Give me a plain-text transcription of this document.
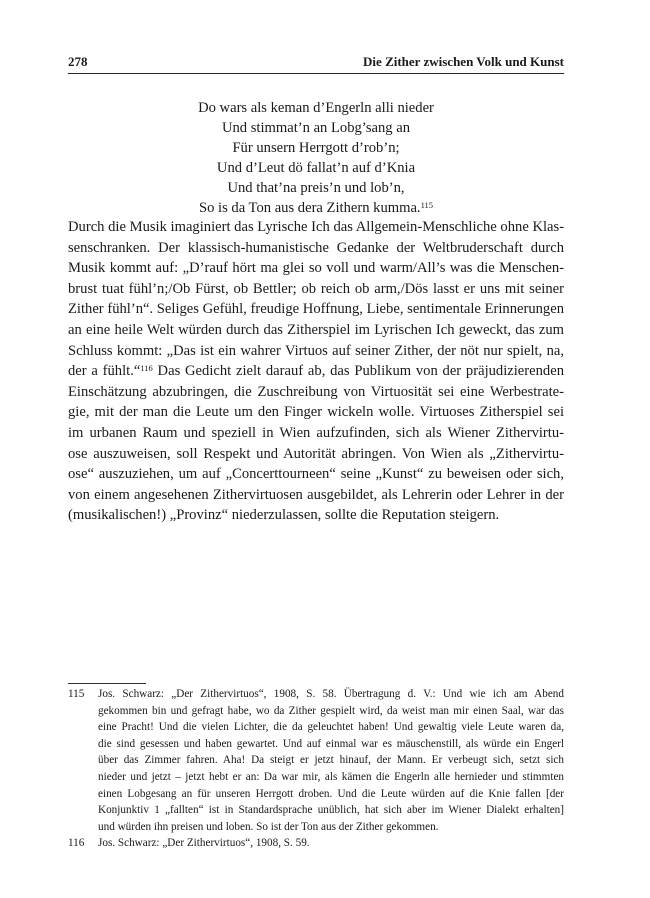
278	Die Zither zwischen Volk und Kunst
Do wars als keman d’Engerln alli nieder
Und stimmat’n an Lobg’sang an
Für unsern Herrgott d’rob’n;
Und d’Leut dö fallat’n auf d’Knia
Und that’na preis’n und lob’n,
So is da Ton aus dera Zithern kumma.$^{115}$
Durch die Musik imaginiert das Lyrische Ich das Allgemein-Menschliche ohne Klas-
senschranken. Der klassisch-humanistische Gedanke der Weltbruderschaft durch
Musik kommt auf: „D’rauf hört ma glei so voll und warm/All’s was die Menschen-
brust tuat fühl’n;/Ob Fürst, ob Bettler; ob reich ob arm,/Dös lasst er uns mit seiner
Zither fühl’n“. Seliges Gefühl, freudige Hoffnung, Liebe, sentimentale Erinnerungen
an eine heile Welt würden durch das Zitherspiel im Lyrischen Ich geweckt, das zum
Schluss kommt: „Das ist ein wahrer Virtuos auf seiner Zither, der nöt nur spielt, na,
der a fühlt.“$^{116}$ Das Gedicht zielt darauf ab, das Publikum von der präjudizierenden
Einschätzung abzubringen, die Zuschreibung von Virtuosität sei eine Werbestrate-
gie, mit der man die Leute um den Finger wickeln wolle. Virtuoses Zitherspiel sei
im urbanen Raum und speziell in Wien aufzufinden, sich als Wiener Zithervirtu-
ose auszuweisen, soll Respekt und Autorität abringen. Von Wien als „Zithervirtu-
ose“ auszuziehen, um auf „Concerttourneen“ seine „Kunst“ zu beweisen oder sich,
von einem angesehenen Zithervirtuosen ausgebildet, als Lehrerin oder Lehrer in der
(musikalischen!) „Provinz“ niederzulassen, sollte die Reputation steigern.
115 Jos. Schwarz: „Der Zithervirtuos“, 1908, S. 58. Übertragung d. V.: Und wie ich am Abend
gekommen bin und gefragt habe, wo da Zither gespielt wird, da weist man mir einen Saal, war das
eine Pracht! Und die vielen Lichter, die da geleuchtet haben! Und gewaltig viele Leute waren da,
die sind gesessen und haben gewartet. Und auf einmal war es mäuschenstill, als würde ein Engerl
über das Zimmer fahren. Aha! Da steigt er jetzt hinauf, der Mann. Er verbeugt sich, setzt sich
nieder und jetzt – jetzt hebt er an: Da war mir, als kämen die Engerln alle hernieder und stimmten
einen Lobgesang an für unseren Herrgott droben. Und die Leute würden auf die Knie fallen [der
Konjunktiv 1 „fallten“ ist in Standardsprache unüblich, hat sich aber im Wiener Dialekt erhalten]
und würden ihn preisen und loben. So ist der Ton aus der Zither gekommen.
116 Jos. Schwarz: „Der Zithervirtuos“, 1908, S. 59.
